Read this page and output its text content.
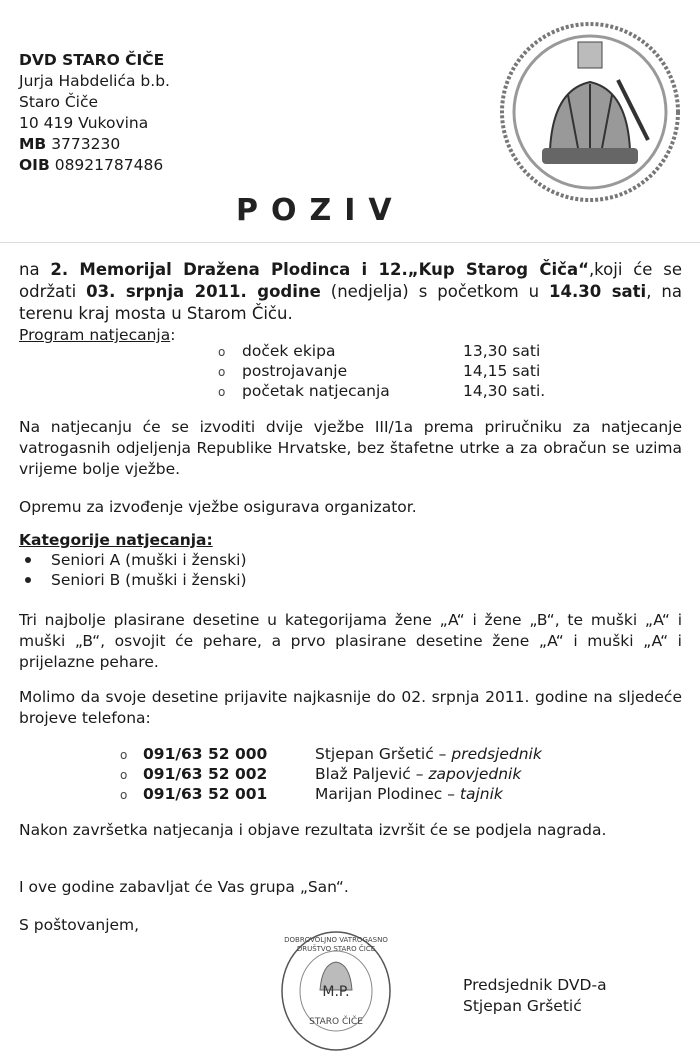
DVD STARO ČIČE
Jurja Habdelića b.b.
Staro Čiče
10 419 Vukovina
MB 3773230
OIB 08921787486
POZIV
na 2. Memorijal Dražena Plodinca i 12.„Kup Starog Čiča“,koji će se održati 03. srpnja 2011. godine (nedjelja) s početkom u 14.30 sati, na terenu kraj mosta u Starom Čiču.
Program natjecanja:
o doček ekipa	13,30 sati
o postrojavanje	14,15 sati
o početak natjecanja	14,30 sati.
Na natjecanju će se izvoditi dvije vježbe III/1a prema priručniku za natjecanje vatrogasnih odjeljenja Republike Hrvatske, bez štafetne utrke a za obračun se uzima vrijeme bolje vježbe.
Opremu za izvođenje vježbe osigurava organizator.
Kategorije natjecanja:
Seniori A (muški i ženski)
Seniori B (muški i ženski)
Tri najbolje plasirane desetine u kategorijama žene „A“ i žene „B“, te muški „A“ i muški „B“, osvojit će pehare, a prvo plasirane desetine žene „A“ i muški „A“ i prijelazne pehare.
Molimo da svoje desetine prijavite najkasnije do 02. srpnja 2011. godine na sljedeće brojeve telefona:
o 091/63 52 000	Stjepan Gršetić – predsjednik
o 091/63 52 002	Blaž Paljević – zapovjednik
o 091/63 52 001	Marijan Plodinec – tajnik
Nakon završetka natjecanja i objave rezultata izvršit će se podjela nagrada.
I ove godine zabavljat će Vas grupa „San“.
S poštovanjem,
DOBROVOLJNO VATROGASNO DRUŠTVO STARO ČIČE
M.P.
STARO ČIČE
Predsjednik DVD-a
Stjepan Gršetić
